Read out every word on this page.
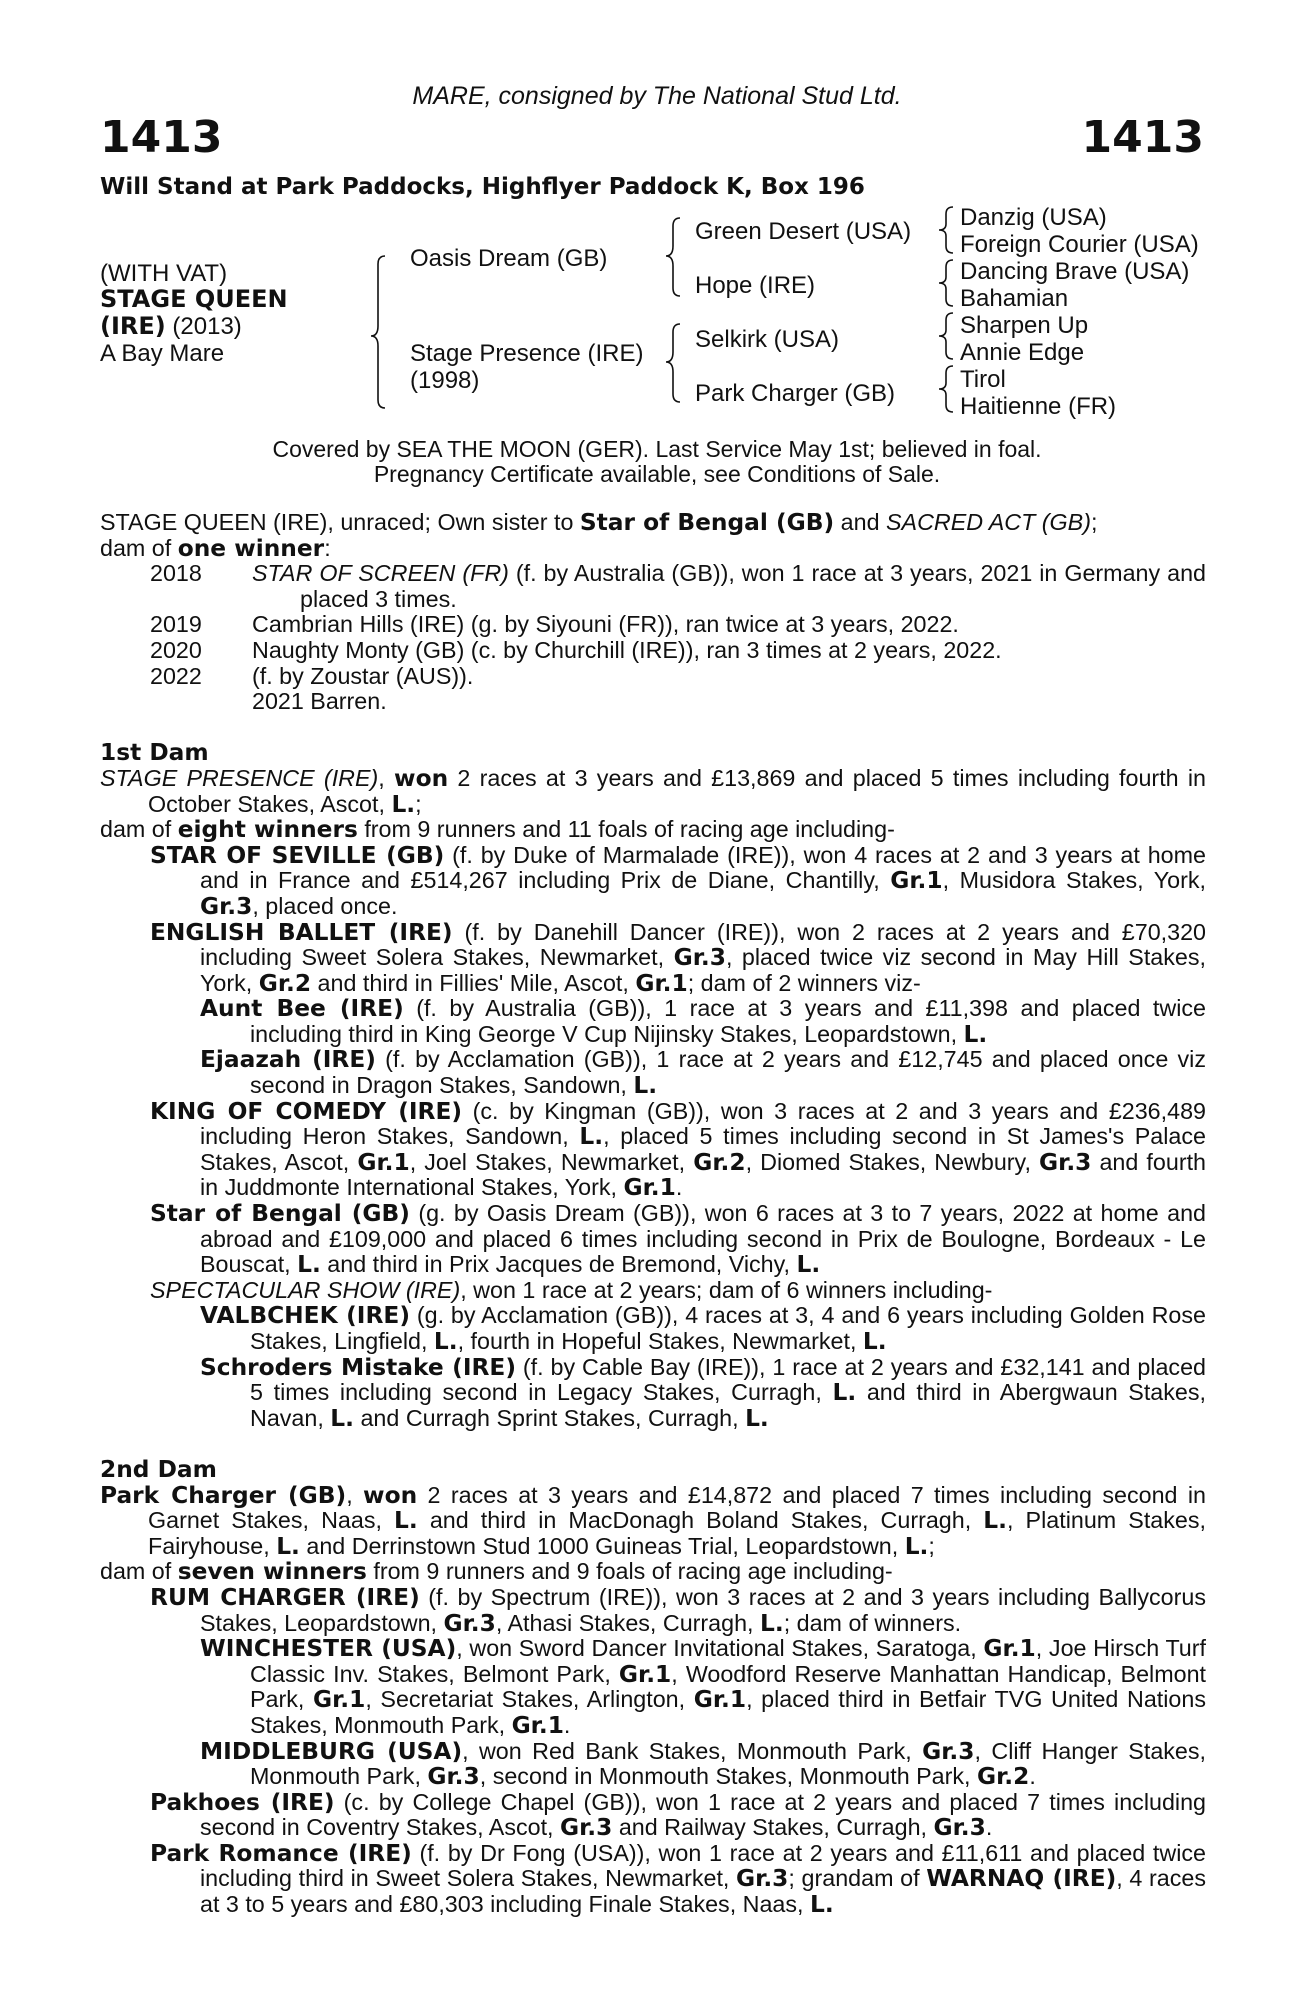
MARE, consigned by The National Stud Ltd.
1413	1413
Will Stand at Park Paddocks, Highflyer Paddock K, Box 196
(WITH VAT)
STAGE QUEEN
(IRE) (2013)
A Bay Mare
Oasis Dream (GB)
Stage Presence (IRE)
(1998)
Green Desert (USA)
Hope (IRE)
Selkirk (USA)
Park Charger (GB)
Danzig (USA)
Foreign Courier (USA)
Dancing Brave (USA)
Bahamian
Sharpen Up
Annie Edge
Tirol
Haitienne (FR)
Covered by SEA THE MOON (GER). Last Service May 1st; believed in foal.
Pregnancy Certificate available, see Conditions of Sale.

STAGE QUEEN (IRE), unraced; Own sister to Star of Bengal (GB) and SACRED ACT (GB);

dam of one winner:

2018 STAR OF SCREEN (FR) (f. by Australia (GB)), won 1 race at 3 years, 2021 in Germany and placed 3 times.

2019 Cambrian Hills (IRE) (g. by Siyouni (FR)), ran twice at 3 years, 2022.

2020 Naughty Monty (GB) (c. by Churchill (IRE)), ran 3 times at 2 years, 2022.

2022 (f. by Zoustar (AUS)).

2021 Barren.

1st Dam

STAGE PRESENCE (IRE), won 2 races at 3 years and £13,869 and placed 5 times including fourth in October Stakes, Ascot, L.;

dam of eight winners from 9 runners and 11 foals of racing age including-

STAR OF SEVILLE (GB) (f. by Duke of Marmalade (IRE)), won 4 races at 2 and 3 years at home and in France and £514,267 including Prix de Diane, Chantilly, Gr.1, Musidora Stakes, York, Gr.3, placed once.

ENGLISH BALLET (IRE) (f. by Danehill Dancer (IRE)), won 2 races at 2 years and £70,320 including Sweet Solera Stakes, Newmarket, Gr.3, placed twice viz second in May Hill Stakes, York, Gr.2 and third in Fillies' Mile, Ascot, Gr.1; dam of 2 winners viz-

Aunt Bee (IRE) (f. by Australia (GB)), 1 race at 3 years and £11,398 and placed twice including third in King George V Cup Nijinsky Stakes, Leopardstown, L.

Ejaazah (IRE) (f. by Acclamation (GB)), 1 race at 2 years and £12,745 and placed once viz second in Dragon Stakes, Sandown, L.

KING OF COMEDY (IRE) (c. by Kingman (GB)), won 3 races at 2 and 3 years and £236,489 including Heron Stakes, Sandown, L., placed 5 times including second in St James's Palace Stakes, Ascot, Gr.1, Joel Stakes, Newmarket, Gr.2, Diomed Stakes, Newbury, Gr.3 and fourth in Juddmonte International Stakes, York, Gr.1.

Star of Bengal (GB) (g. by Oasis Dream (GB)), won 6 races at 3 to 7 years, 2022 at home and abroad and £109,000 and placed 6 times including second in Prix de Boulogne, Bordeaux - Le Bouscat, L. and third in Prix Jacques de Bremond, Vichy, L.

SPECTACULAR SHOW (IRE), won 1 race at 2 years; dam of 6 winners including-

VALBCHEK (IRE) (g. by Acclamation (GB)), 4 races at 3, 4 and 6 years including Golden Rose Stakes, Lingfield, L., fourth in Hopeful Stakes, Newmarket, L.

Schroders Mistake (IRE) (f. by Cable Bay (IRE)), 1 race at 2 years and £32,141 and placed 5 times including second in Legacy Stakes, Curragh, L. and third in Abergwaun Stakes, Navan, L. and Curragh Sprint Stakes, Curragh, L.

2nd Dam

Park Charger (GB), won 2 races at 3 years and £14,872 and placed 7 times including second in Garnet Stakes, Naas, L. and third in MacDonagh Boland Stakes, Curragh, L., Platinum Stakes, Fairyhouse, L. and Derrinstown Stud 1000 Guineas Trial, Leopardstown, L.;

dam of seven winners from 9 runners and 9 foals of racing age including-

RUM CHARGER (IRE) (f. by Spectrum (IRE)), won 3 races at 2 and 3 years including Ballycorus Stakes, Leopardstown, Gr.3, Athasi Stakes, Curragh, L.; dam of winners.

WINCHESTER (USA), won Sword Dancer Invitational Stakes, Saratoga, Gr.1, Joe Hirsch Turf Classic Inv. Stakes, Belmont Park, Gr.1, Woodford Reserve Manhattan Handicap, Belmont Park, Gr.1, Secretariat Stakes, Arlington, Gr.1, placed third in Betfair TVG United Nations Stakes, Monmouth Park, Gr.1.

MIDDLEBURG (USA), won Red Bank Stakes, Monmouth Park, Gr.3, Cliff Hanger Stakes, Monmouth Park, Gr.3, second in Monmouth Stakes, Monmouth Park, Gr.2.

Pakhoes (IRE) (c. by College Chapel (GB)), won 1 race at 2 years and placed 7 times including second in Coventry Stakes, Ascot, Gr.3 and Railway Stakes, Curragh, Gr.3.

Park Romance (IRE) (f. by Dr Fong (USA)), won 1 race at 2 years and £11,611 and placed twice including third in Sweet Solera Stakes, Newmarket, Gr.3; grandam of WARNAQ (IRE), 4 races at 3 to 5 years and £80,303 including Finale Stakes, Naas, L.
